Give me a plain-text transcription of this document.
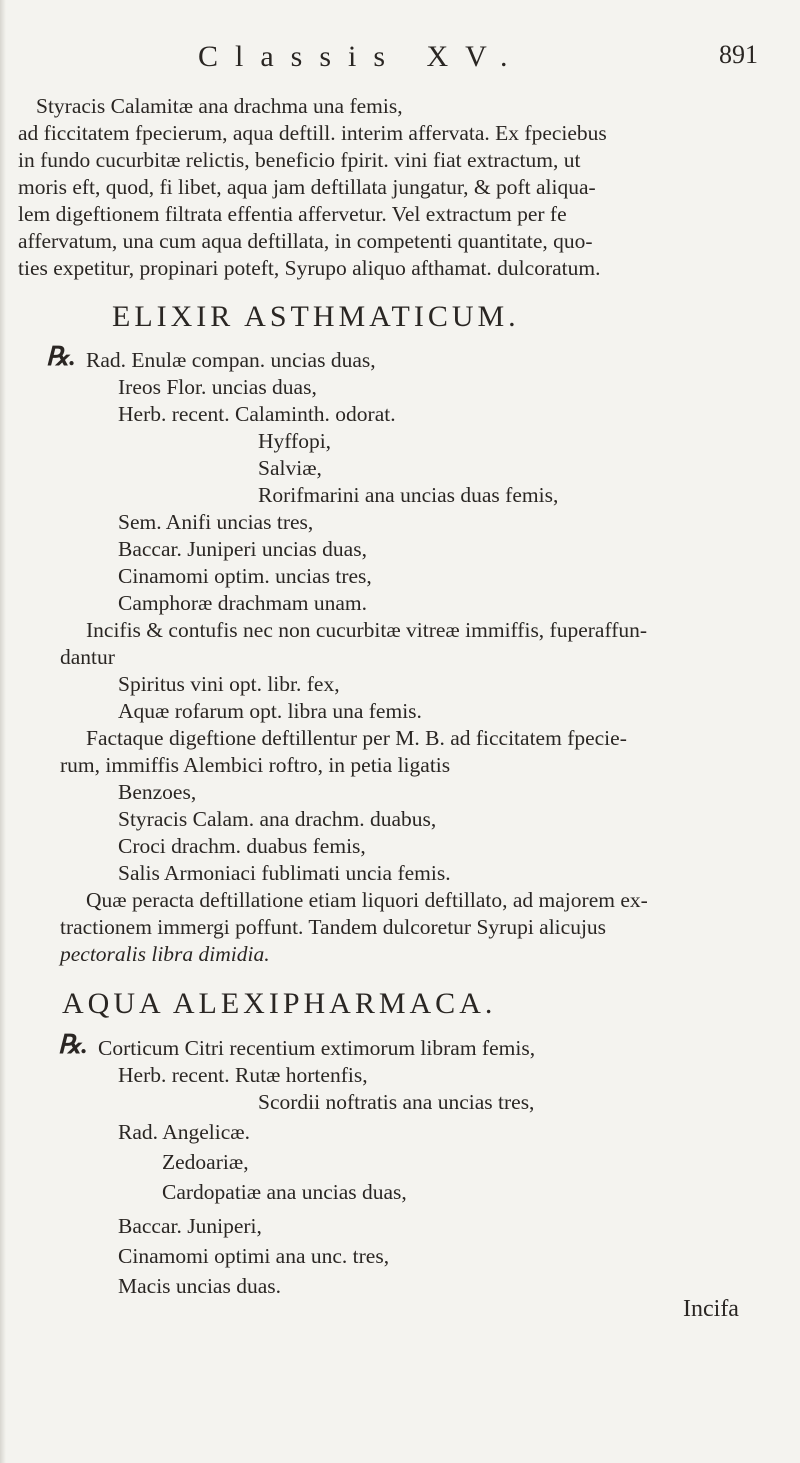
Classis XV.	891
Styracis Calamitæ ana drachma una femis,
ad ficcitatem fpecierum, aqua deftill. interim affervata. Ex fpeciebus
in fundo cucurbitæ relictis, beneficio fpirit. vini fiat extractum, ut
moris eft, quod, fi libet, aqua jam deftillata jungatur, & poft aliqua-
lem digeftionem filtrata effentia affervetur. Vel extractum per fe
affervatum, una cum aqua deftillata, in competenti quantitate, quo-
ties expetitur, propinari poteft, Syrupo aliquo afthamat. dulcoratum.
ELIXIR ASTHMATICUM.
℞. Rad. Enulæ compan. uncias duas,
Ireos Flor. uncias duas,
Herb. recent. Calaminth. odorat.
Hyffopi,
Salviæ,
Rorifmarini ana uncias duas femis,
Sem. Anifi uncias tres,
Baccar. Juniperi uncias duas,
Cinamomi optim. uncias tres,
Camphoræ drachmam unam.
Incifis & contufis nec non cucurbitæ vitreæ immiffis, fuperaffun-
dantur
Spiritus vini opt. libr. fex,
Aquæ rofarum opt. libra una femis.
Factaque digeftione deftillentur per M. B. ad ficcitatem fpecie-
rum, immiffis Alembici roftro, in petia ligatis
Benzoes,
Styracis Calam. ana drachm. duabus,
Croci drachm. duabus femis,
Salis Armoniaci fublimati uncia femis.
Quæ peracta deftillatione etiam liquori deftillato, ad majorem ex-
tractionem immergi poffunt. Tandem dulcoretur Syrupi alicujus
pectoralis libra dimidia.
AQUA ALEXIPHARMACA.
℞. Corticum Citri recentium extimorum libram femis,
Herb. recent. Rutæ hortenfis,
Scordii noftratis ana uncias tres,
Rad. Angelicæ.
Zedoariæ,
Cardopatiæ ana uncias duas,
Baccar. Juniperi,
Cinamomi optimi ana unc. tres,
Macis uncias duas.
Incifa
